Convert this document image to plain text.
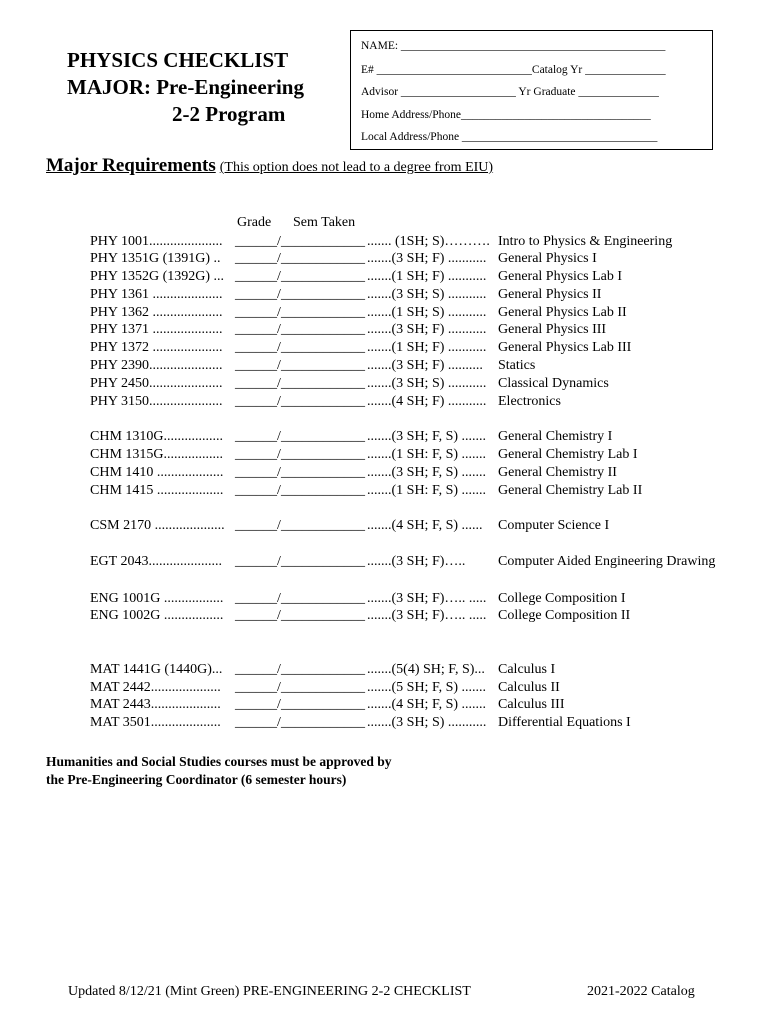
PHYSICS CHECKLIST
MAJOR: Pre-Engineering
2-2 Program
NAME: ______________________________________________
E# ___________________________Catalog Yr ______________
Advisor ____________________ Yr Graduate ______________
Home Address/Phone_________________________________
Local Address/Phone __________________________________
Major Requirements (This option does not lead to a degree from EIU)
Grade Sem Taken
PHY 1001..................... ______/ ____________ ....... (1SH; S)………. Intro to Physics & Engineering
PHY 1351G (1391G) .. ______/ ____________ .......(3 SH; F) ........... General Physics I
PHY 1352G (1392G) ... ______/ ____________ .......(1 SH; F) ........... General Physics Lab I
PHY 1361 .................... ______/ ____________ .......(3 SH; S) ........... General Physics II
PHY 1362 .................... ______/ ____________ .......(1 SH; S) ........... General Physics Lab II
PHY 1371 .................... ______/ ____________ .......(3 SH; F) ........... General Physics III
PHY 1372 .................... ______/ ____________ .......(1 SH; F) ........... General Physics Lab III
PHY 2390..................... ______/ ____________ .......(3 SH; F) .......... Statics
PHY 2450..................... ______/ ____________ .......(3 SH; S) ........... Classical Dynamics
PHY 3150..................... ______/ ____________ .......(4 SH; F) ........... Electronics
CHM 1310G................. ______/ ____________ .......(3 SH; F, S) ....... General Chemistry I
CHM 1315G................. ______/ ____________ .......(1 SH: F, S) ....... General Chemistry Lab I
CHM 1410 ................... ______/ ____________ .......(3 SH; F, S) ....... General Chemistry II
CHM 1415 ................... ______/ ____________ .......(1 SH: F, S) ....... General Chemistry Lab II
CSM 2170 .................... ______/ ____________ .......(4 SH; F, S) ...... Computer Science I
EGT 2043..................... ______/ ____________ .......(3 SH; F)….. Computer Aided Engineering Drawing
ENG 1001G ................. ______/ ____________ .......(3 SH; F)….. ..... College Composition I
ENG 1002G ................. ______/ ____________ .......(3 SH; F)….. ..... College Composition II
MAT 1441G (1440G)... ______/ ____________ .......(5(4) SH; F, S)... Calculus I
MAT 2442.................... ______/ ____________ .......(5 SH; F, S) ....... Calculus II
MAT 2443.................... ______/ ____________ .......(4 SH; F, S) ....... Calculus III
MAT 3501.................... ______/ ____________ .......(3 SH; S) ........... Differential Equations I
Humanities and Social Studies courses must be approved by
the Pre-Engineering Coordinator (6 semester hours)
Updated 8/12/21 (Mint Green) PRE-ENGINEERING 2-2 CHECKLIST	2021-2022 Catalog
